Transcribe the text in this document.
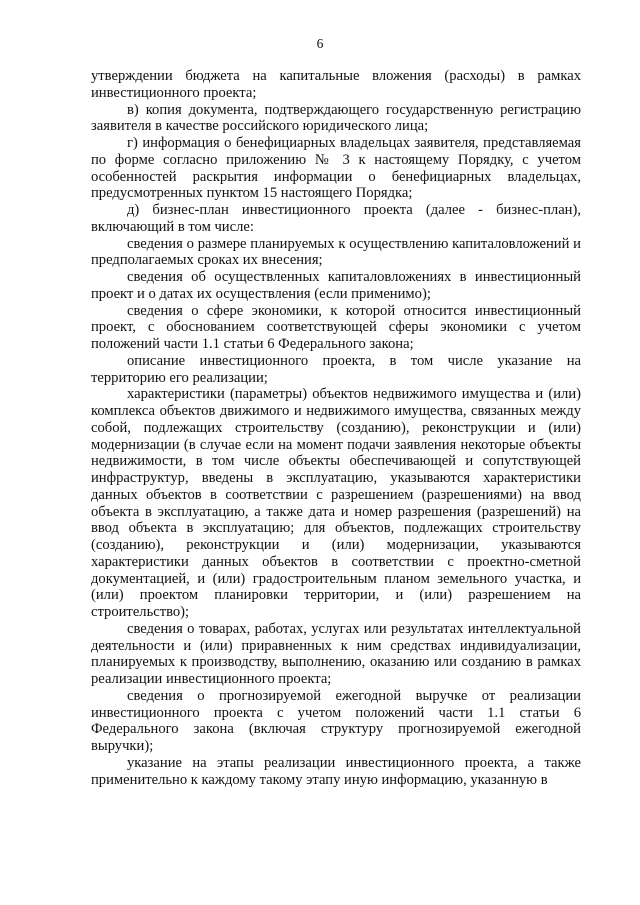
6

утверждении бюджета на капитальные вложения (расходы) в рамках инвестиционного проекта;

в) копия документа, подтверждающего государственную регистрацию заявителя в качестве российского юридического лица;

г) информация о бенефициарных владельцах заявителя, представляемая по форме согласно приложению № 3 к настоящему Порядку, с учетом особенностей раскрытия информации о бенефициарных владельцах, предусмотренных пунктом 15 настоящего Порядка;

д) бизнес-план инвестиционного проекта (далее - бизнес-план), включающий в том числе:

сведения о размере планируемых к осуществлению капиталовложений и предполагаемых сроках их внесения;

сведения об осуществленных капиталовложениях в инвестиционный проект и о датах их осуществления (если применимо);

сведения о сфере экономики, к которой относится инвестиционный проект, с обоснованием соответствующей сферы экономики с учетом положений части 1.1 статьи 6 Федерального закона;

описание инвестиционного проекта, в том числе указание на территорию его реализации;

характеристики (параметры) объектов недвижимого имущества и (или) комплекса объектов движимого и недвижимого имущества, связанных между собой, подлежащих строительству (созданию), реконструкции и (или) модернизации (в случае если на момент подачи заявления некоторые объекты недвижимости, в том числе объекты обеспечивающей и сопутствующей инфраструктур, введены в эксплуатацию, указываются характеристики данных объектов в соответствии с разрешением (разрешениями) на ввод объекта в эксплуатацию, а также дата и номер разрешения (разрешений) на ввод объекта в эксплуатацию; для объектов, подлежащих строительству (созданию), реконструкции и (или) модернизации, указываются характеристики данных объектов в соответствии с проектно-сметной документацией, и (или) градостроительным планом земельного участка, и (или) проектом планировки территории, и (или) разрешением на строительство);

сведения о товарах, работах, услугах или результатах интеллектуальной деятельности и (или) приравненных к ним средствах индивидуализации, планируемых к производству, выполнению, оказанию или созданию в рамках реализации инвестиционного проекта;

сведения о прогнозируемой ежегодной выручке от реализации инвестиционного проекта с учетом положений части 1.1 статьи 6 Федерального закона (включая структуру прогнозируемой ежегодной выручки);

указание на этапы реализации инвестиционного проекта, а также применительно к каждому такому этапу иную информацию, указанную в
